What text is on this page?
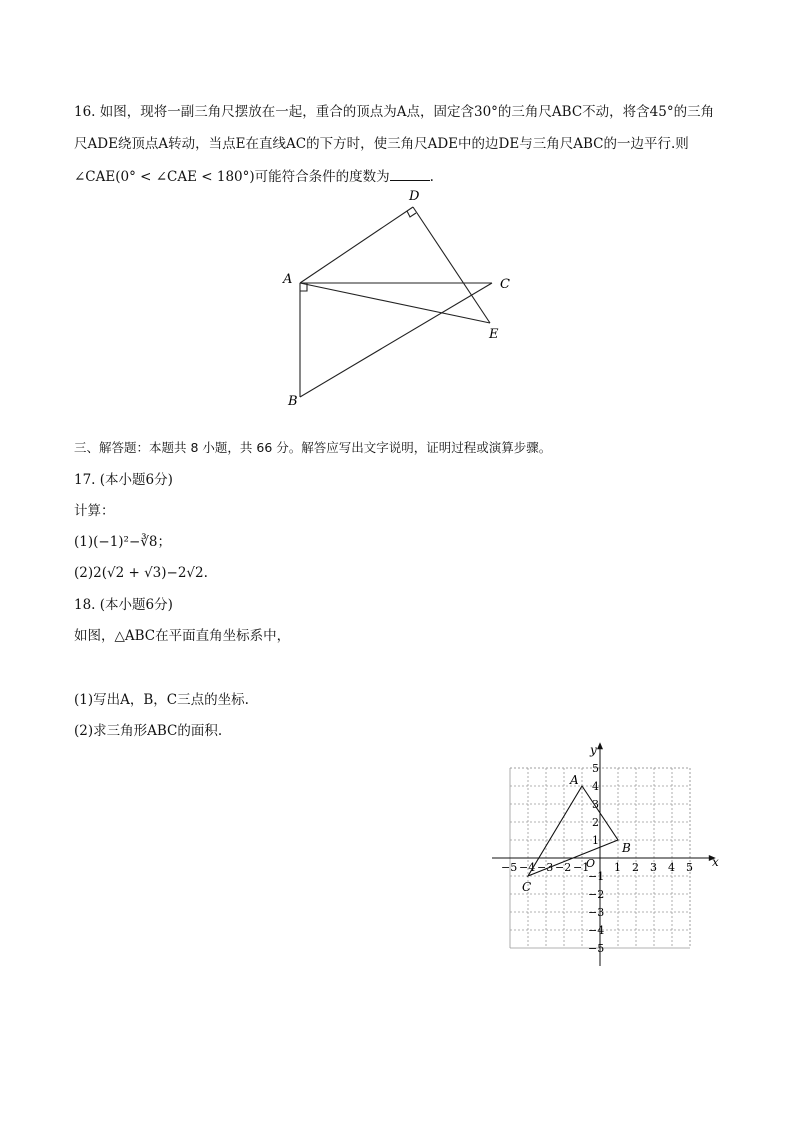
16. 如图，现将一副三角尺摆放在一起，重合的顶点为A点，固定含30°的三角尺ABC不动，将含45°的三角
尺ADE绕顶点A转动，当点E在直线AC的下方时，使三角尺ADE中的边DE与三角尺ABC的一边平行.则
∠CAE(0° < ∠CAE < 180°)可能符合条件的度数为	.
D
A	C
E
B
三、解答题：本题共 8 小题，共 66 分。解答应写出文字说明，证明过程或演算步骤。
17. (本小题6分)
计算：
(1)(−1)²−∛8；
(2)2(√2 + √3)−2√2.
18. (本小题6分)
如图，△ABC在平面直角坐标系中，
(1)写出A，B，C三点的坐标.
(2)求三角形ABC的面积.
−5 −4 −3 −2 −1 1 2 3 4 5
5
4
3
2
1
−1
−2
−3
−4
−5
A
B
C
x
y
O
